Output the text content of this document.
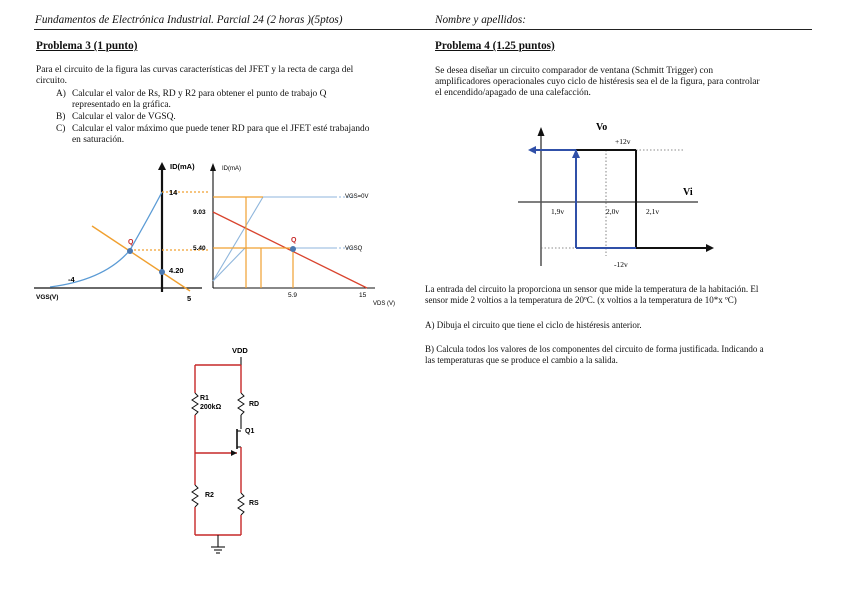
Fundamentos de Electrónica Industrial. Parcial 24 (2 horas )(5ptos)	Nombre y apellidos:
Problema 3 (1 punto)
Para el circuito de la figura las curvas características del JFET y la recta de carga del
circuito.
A) Calcular el valor de Rs, RD y R2 para obtener el punto de trabajo Q
representado en la gráfica.
B) Calcular el valor de VGSQ.
C) Calcular el valor máximo que puede tener RD para que el JFET esté trabajando
en saturación.
ID(mA)
14
4.20
Q
-4
VGS(V)	5
ID(mA)
9.03
5.40
Q
VGS=0V
VGSQ
5.9	15
VDS (V)
VDD
R1
200kΩ	RD
Q1
R2
RS
Problema 4 (1.25 puntos)
Se desea diseñar un circuito comparador de ventana (Schmitt Trigger) con
amplificadores operacionales cuyo ciclo de histéresis sea el de la figura, para controlar
el encendido/apagado de una calefacción.
Vo
Vi
+12v
-12v
1,9v	2,0v	2,1v
La entrada del circuito la proporciona un sensor que mide la temperatura de la habitación. El
sensor mide 2 voltios a la temperatura de 20ºC. (x voltios a la temperatura de 10*x ºC)
A) Dibuja el circuito que tiene el ciclo de histéresis anterior.
B) Calcula todos los valores de los componentes del circuito de forma justificada. Indicando a
las temperaturas que se produce el cambio a la salida.
